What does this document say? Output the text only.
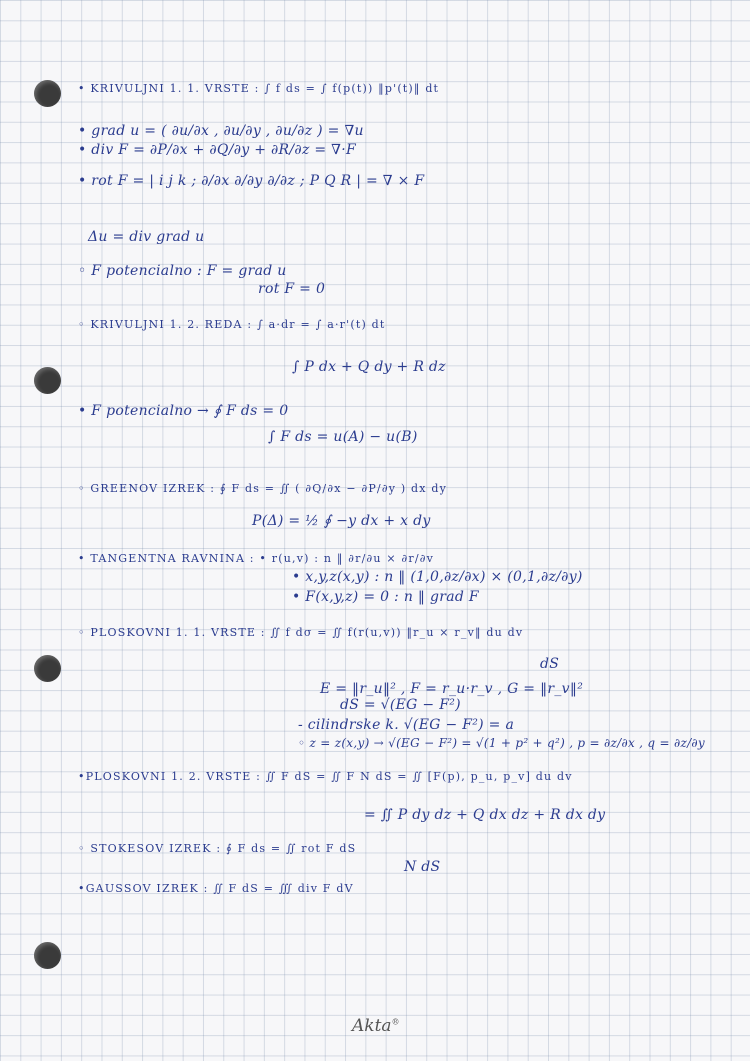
• KRIVULJNI 1. 1. VRSTE : ∫ f ds = ∫ f(p(t)) ‖p'(t)‖ dt
• grad u = ( ∂u/∂x , ∂u/∂y , ∂u/∂z ) = ∇u
• div F = ∂P/∂x + ∂Q/∂y + ∂R/∂z = ∇·F
• rot F = | i j k ; ∂/∂x ∂/∂y ∂/∂z ; P Q R | = ∇ × F
Δu = div grad u
◦ F potencialno : F = grad u
rot F = 0
◦ KRIVULJNI 1. 2. REDA : ∫ a·dr = ∫ a·r'(t) dt
∫ P dx + Q dy + R dz
• F potencialno → ∮ F ds = 0
∫ F ds = u(A) − u(B)
◦ GREENOV IZREK : ∮ F ds = ∬ ( ∂Q/∂x − ∂P/∂y ) dx dy
P(Δ) = ½ ∮ −y dx + x dy
• TANGENTNA RAVNINA : • r(u,v) : n ‖ ∂r/∂u × ∂r/∂v
• x,y,z(x,y) : n ‖ (1,0,∂z/∂x) × (0,1,∂z/∂y)
• F(x,y,z) = 0 : n ‖ grad F
◦ PLOSKOVNI 1. 1. VRSTE : ∬ f dσ = ∬ f(r(u,v)) ‖r_u × r_v‖ du dv
dS
E = ‖r_u‖² , F = r_u·r_v , G = ‖r_v‖²
dS = √(EG − F²)
- cilindrske k. √(EG − F²) = a
◦ z = z(x,y) → √(EG − F²) = √(1 + p² + q²) , p = ∂z/∂x , q = ∂z/∂y
•PLOSKOVNI 1. 2. VRSTE : ∬ F dS = ∬ F N dS = ∬ [F(p), p_u, p_v] du dv
= ∬ P dy dz + Q dx dz + R dx dy
◦ STOKESOV IZREK : ∮ F ds = ∬ rot F dS
N dS
•GAUSSOV IZREK : ∬ F dS = ∭ div F dV
Akta®
